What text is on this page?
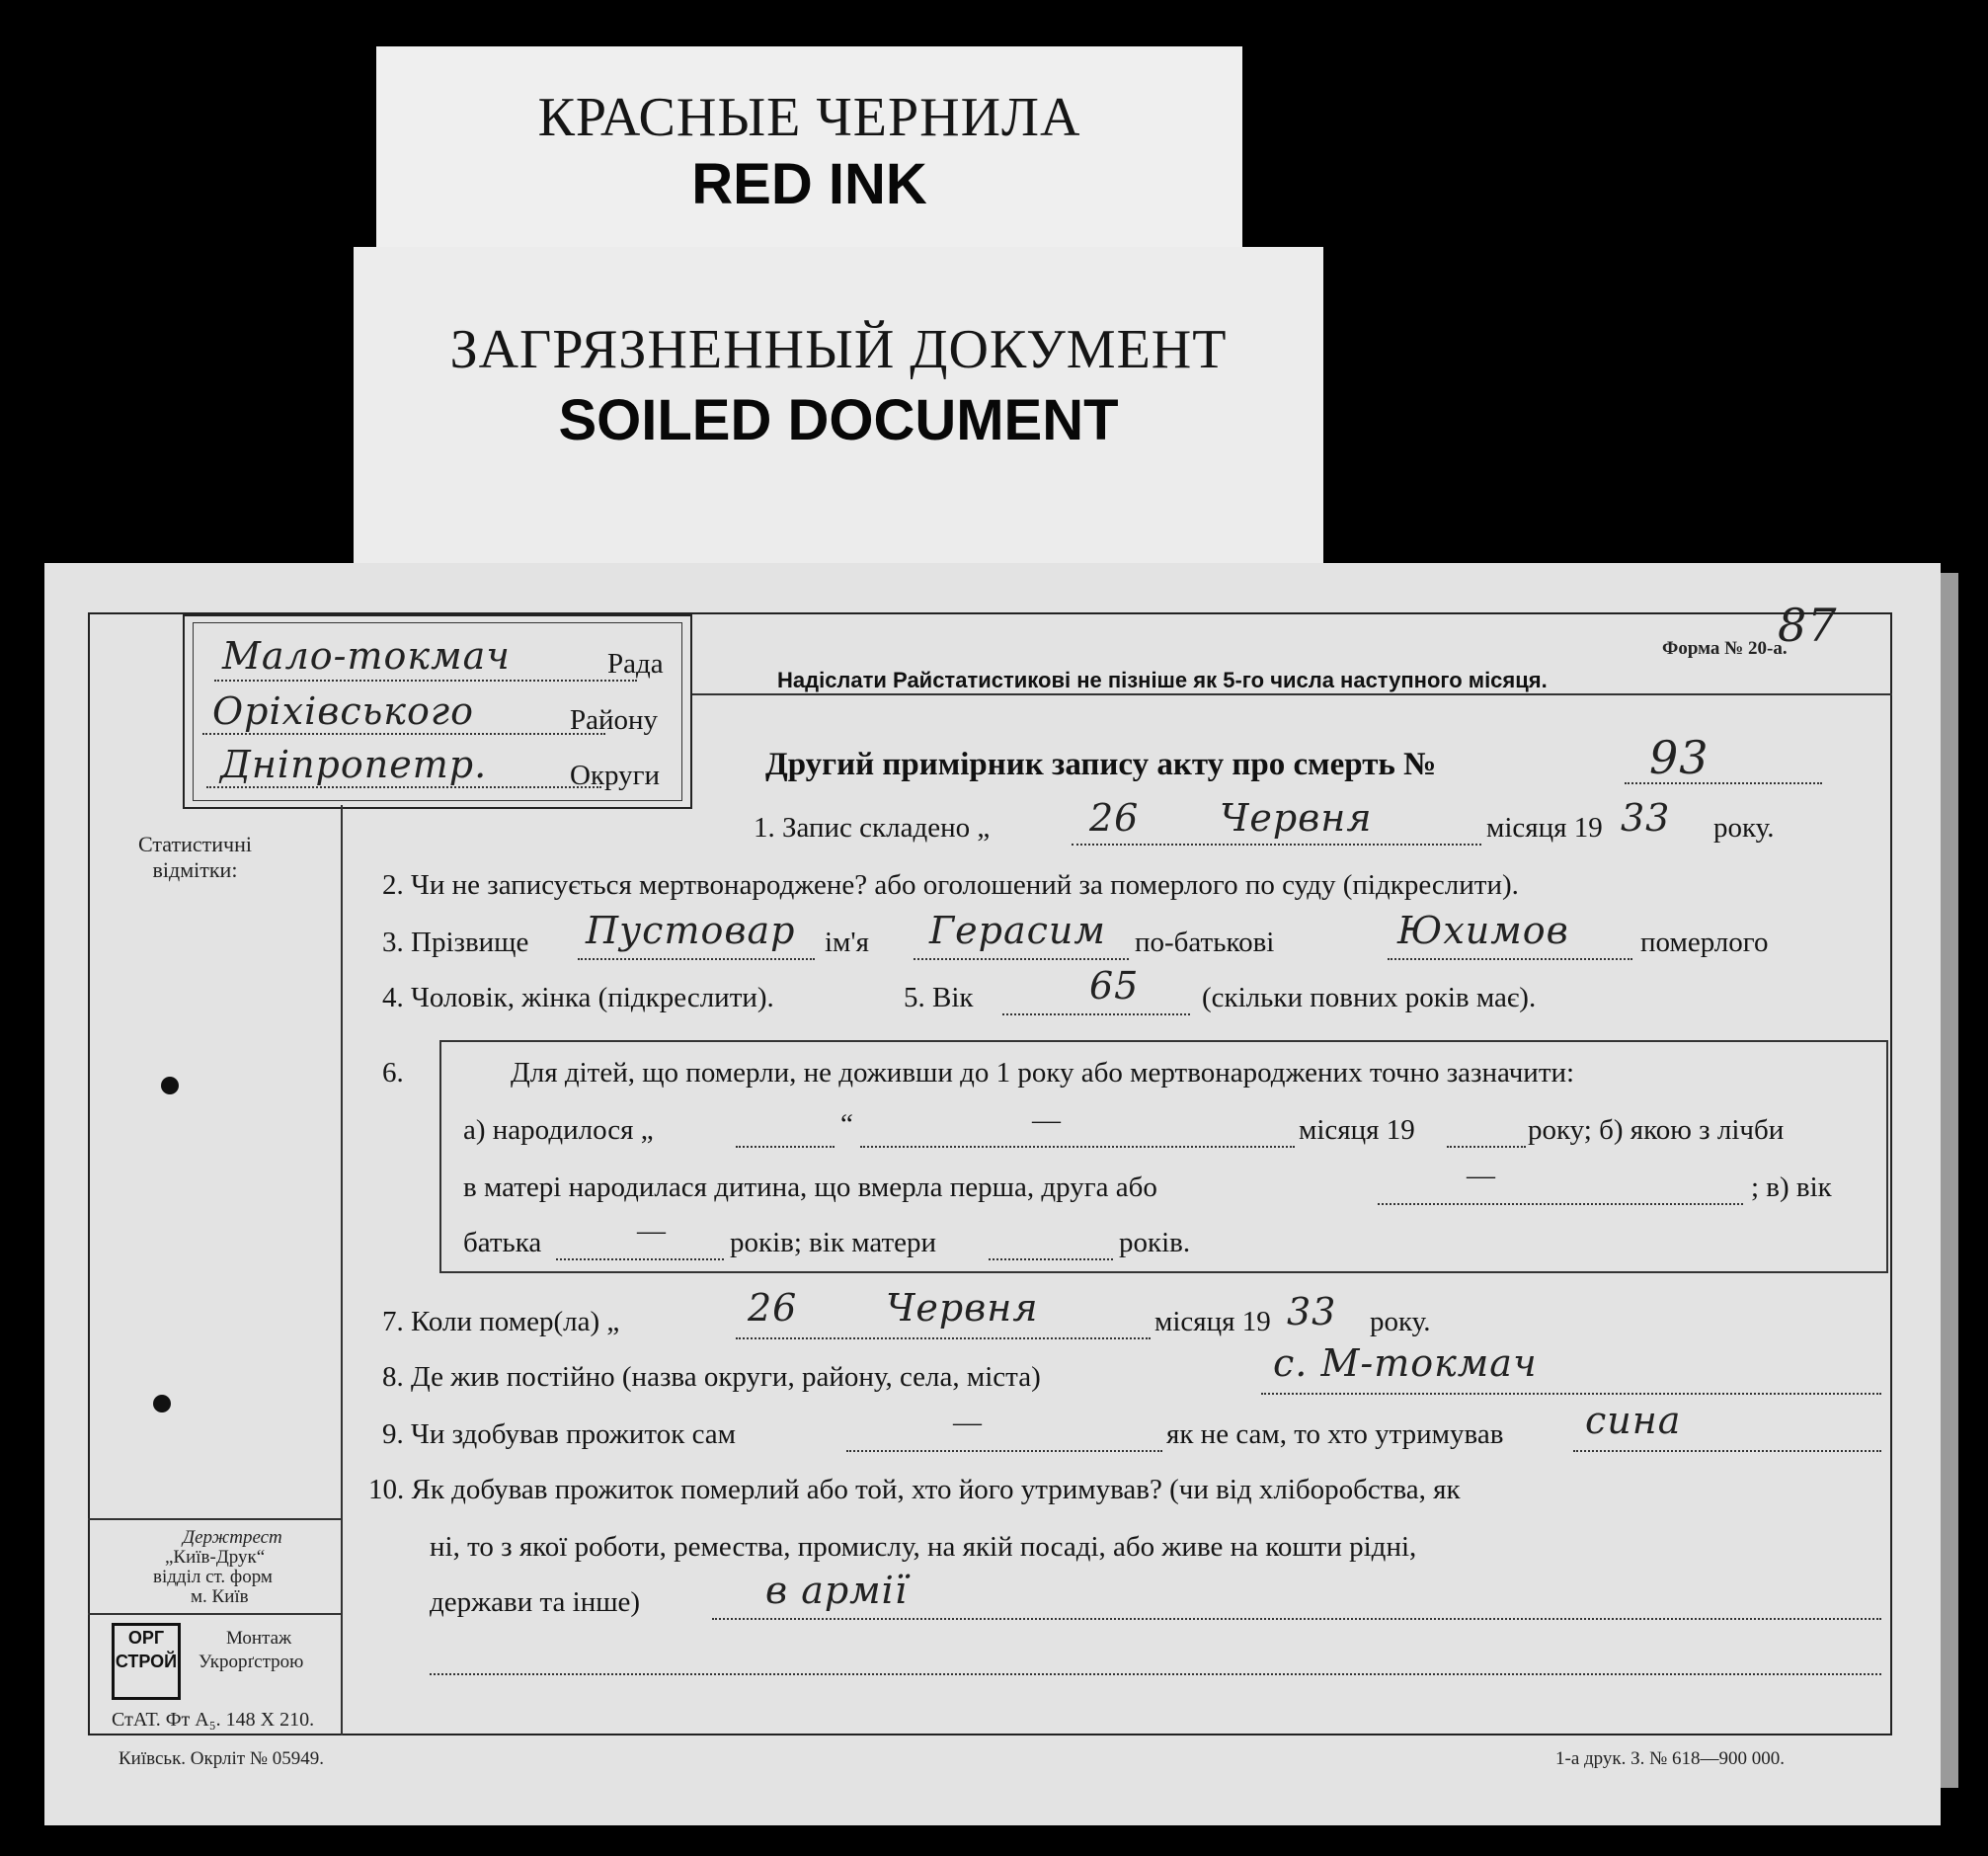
КРАСНЫЕ ЧЕРНИЛА
RED INK
ЗАГРЯЗНЕННЫЙ ДОКУМЕНТ
SOILED DOCUMENT
Мало-токмач	Рада
Оріхівського	Району
Дніпропетр.	Округи
Форма № 20-а.
87
Надіслати Райстатистикові не пізніше як 5-го числа наступного місяця.
Статистичні
відмітки:
Другий примірник запису акту про смерть №	93
1. Запис складено „	26 Червня	місяця 19 33 року.
2. Чи не записується мертвонароджене? або оголошений за померлого по суду (підкреслити).
3. Прізвище Пустовар ім'я Герасим по-батькові	Юхимов померлого
4. Чоловік, жінка (підкреслити).	5. Вік	65 (скільки повних років має).
6.	Для дітей, що померли, не доживши до 1 року або мертвонароджених точно зазначити:
а) народилося „	“	—	місяця 19	року; б) якою з лічби
в матері народилася дитина, що вмерла перша, друга або	—	; в) вік
батька	— років; вік матери	років.
7. Коли помер(ла) „	26 Червня	місяця 19 33 року.
8. Де жив постійно (назва округи, району, села, міста)	с. М-токмач
9. Чи здобував прожиток сам	—	як не сам, то хто утримував сина
10. Як добував прожиток померлий або той, хто його утримував? (чи від хліборобства, як
ні, то з якої роботи, ремества, промислу, на якій посаді, або живе на кошти рідні,
держави та інше)	в армії
Держтрест
„Київ-Друк“
відділ ст. форм
м. Київ
ОРГ
СТРОЙ
Монтаж
Укрорґстрою
СтАТ. Фт А₅. 148 X 210.
Київськ. Окрліт № 05949.	1-а друк. З. № 618—900 000.
